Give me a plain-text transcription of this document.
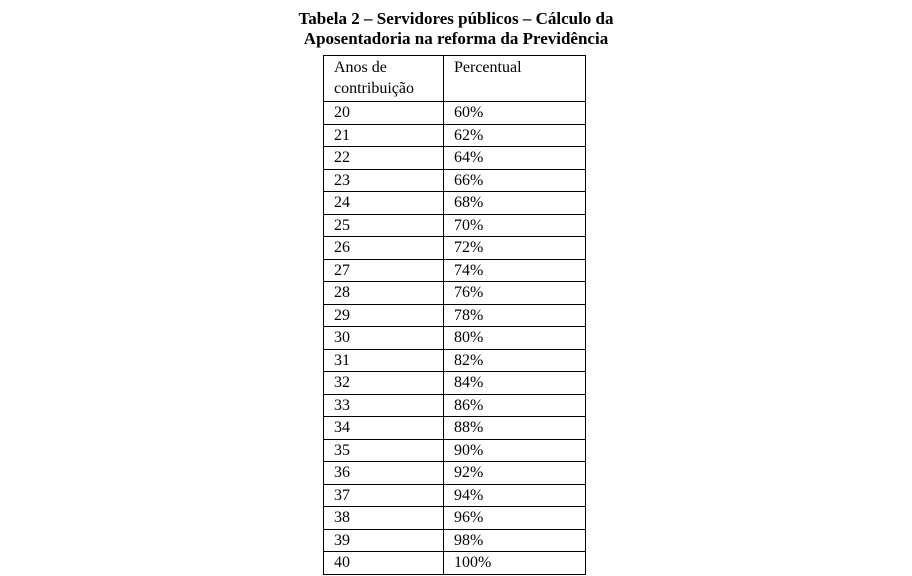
Tabela 2 – Servidores públicos – Cálculo da
Aposentadoria na reforma da Previdência
Anos de contribuição	Percentual
20	60%
21	62%
22	64%
23	66%
24	68%
25	70%
26	72%
27	74%
28	76%
29	78%
30	80%
31	82%
32	84%
33	86%
34	88%
35	90%
36	92%
37	94%
38	96%
39	98%
40	100%
